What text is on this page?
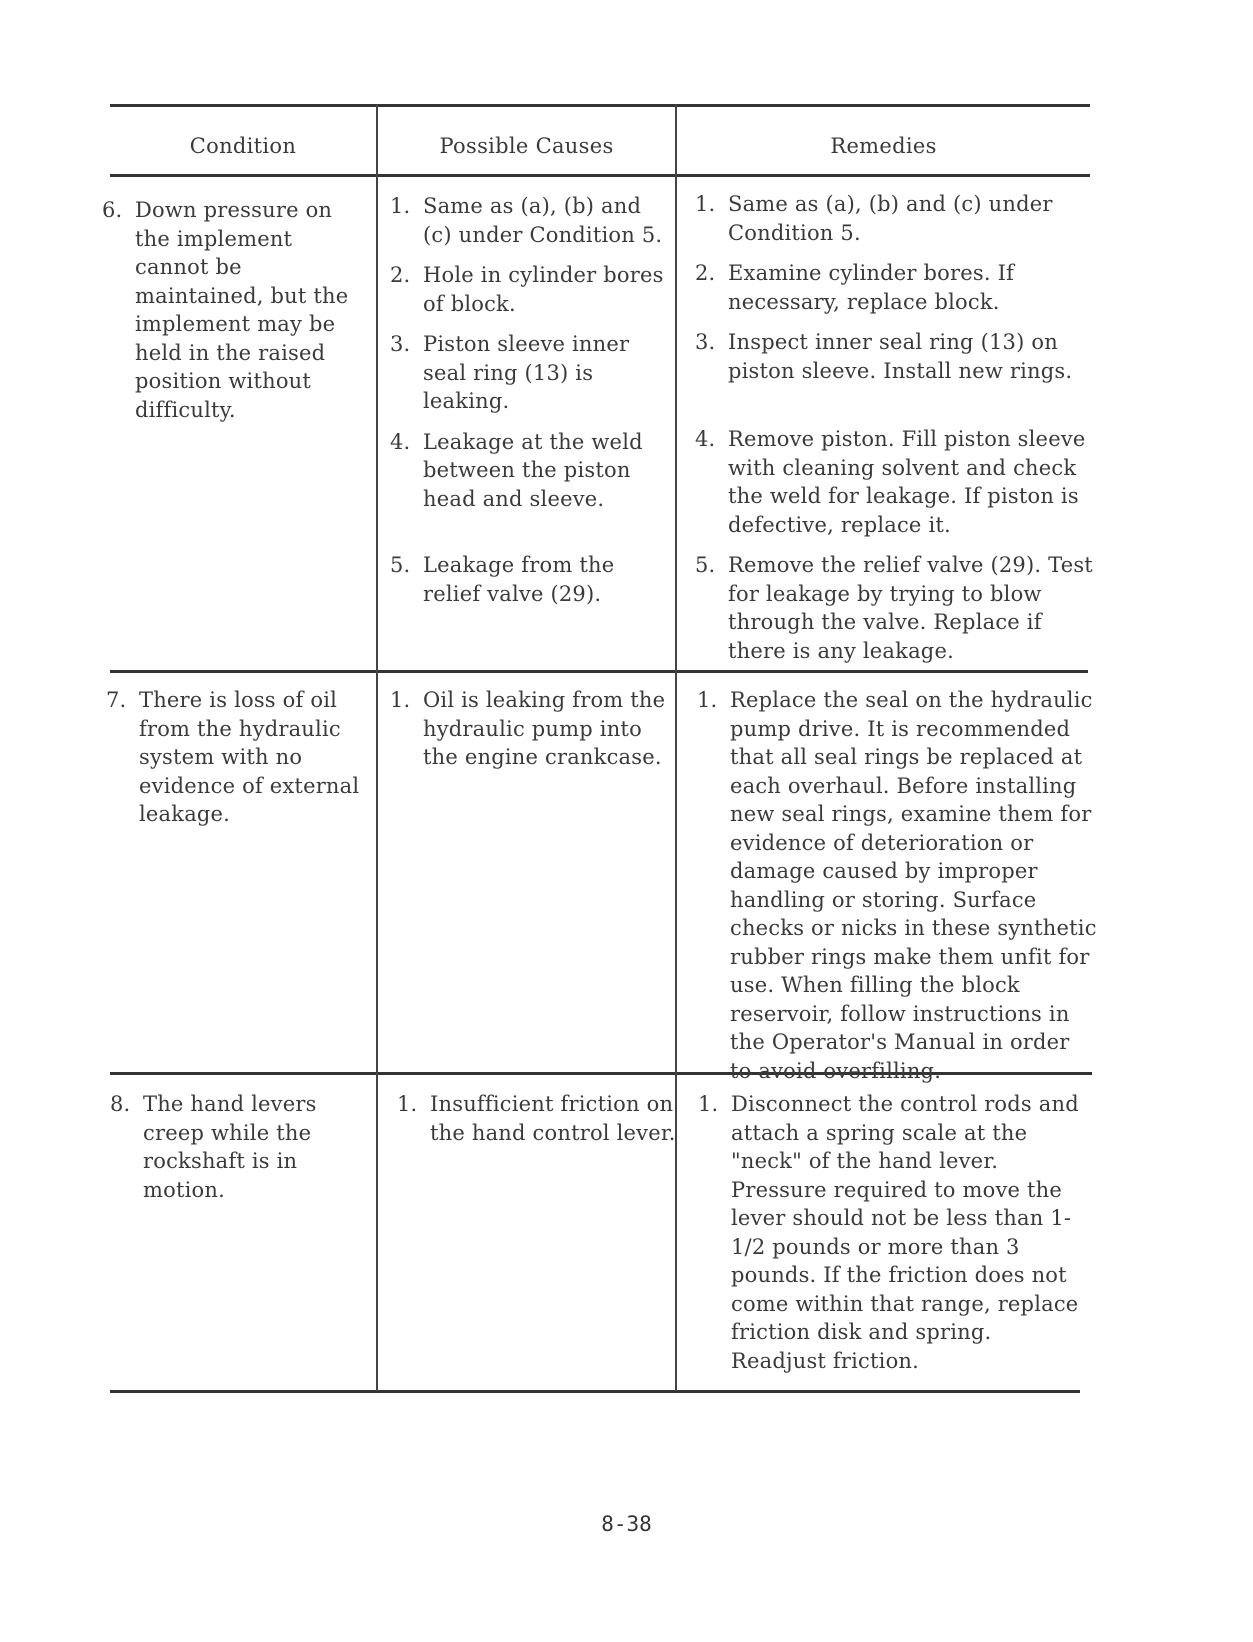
Condition	Possible Causes	Remedies
6. Down pressure on the implement cannot be maintained, but the implement may be held in the raised position without difficulty.
1. Same as (a), (b) and (c) under Condition 5.
2. Hole in cylinder bores of block.
3. Piston sleeve inner seal ring (13) is leaking.
4. Leakage at the weld between the piston head and sleeve.
5. Leakage from the relief valve (29).
1. Same as (a), (b) and (c) under Condition 5.
2. Examine cylinder bores. If necessary, replace block.
3. Inspect inner seal ring (13) on piston sleeve. Install new rings.
4. Remove piston. Fill piston sleeve with cleaning solvent and check the weld for leakage. If piston is defective, replace it.
5. Remove the relief valve (29). Test for leakage by trying to blow through the valve. Replace if there is any leakage.
7. There is loss of oil from the hydraulic system with no evidence of external leakage.
1. Oil is leaking from the hydraulic pump into the engine crankcase.
1. Replace the seal on the hydraulic pump drive. It is recommended that all seal rings be replaced at each overhaul. Before installing new seal rings, examine them for evidence of deterioration or damage caused by improper handling or storing. Surface checks or nicks in these synthetic rubber rings make them unfit for use. When filling the block reservoir, follow instructions in the Operator's Manual in order to avoid overfilling.
8. The hand levers creep while the rockshaft is in motion.
1. Insufficient friction on the hand control lever.
1. Disconnect the control rods and attach a spring scale at the "neck" of the hand lever. Pressure required to move the lever should not be less than 1-1/2 pounds or more than 3 pounds. If the friction does not come within that range, replace friction disk and spring. Readjust friction.
8-38
